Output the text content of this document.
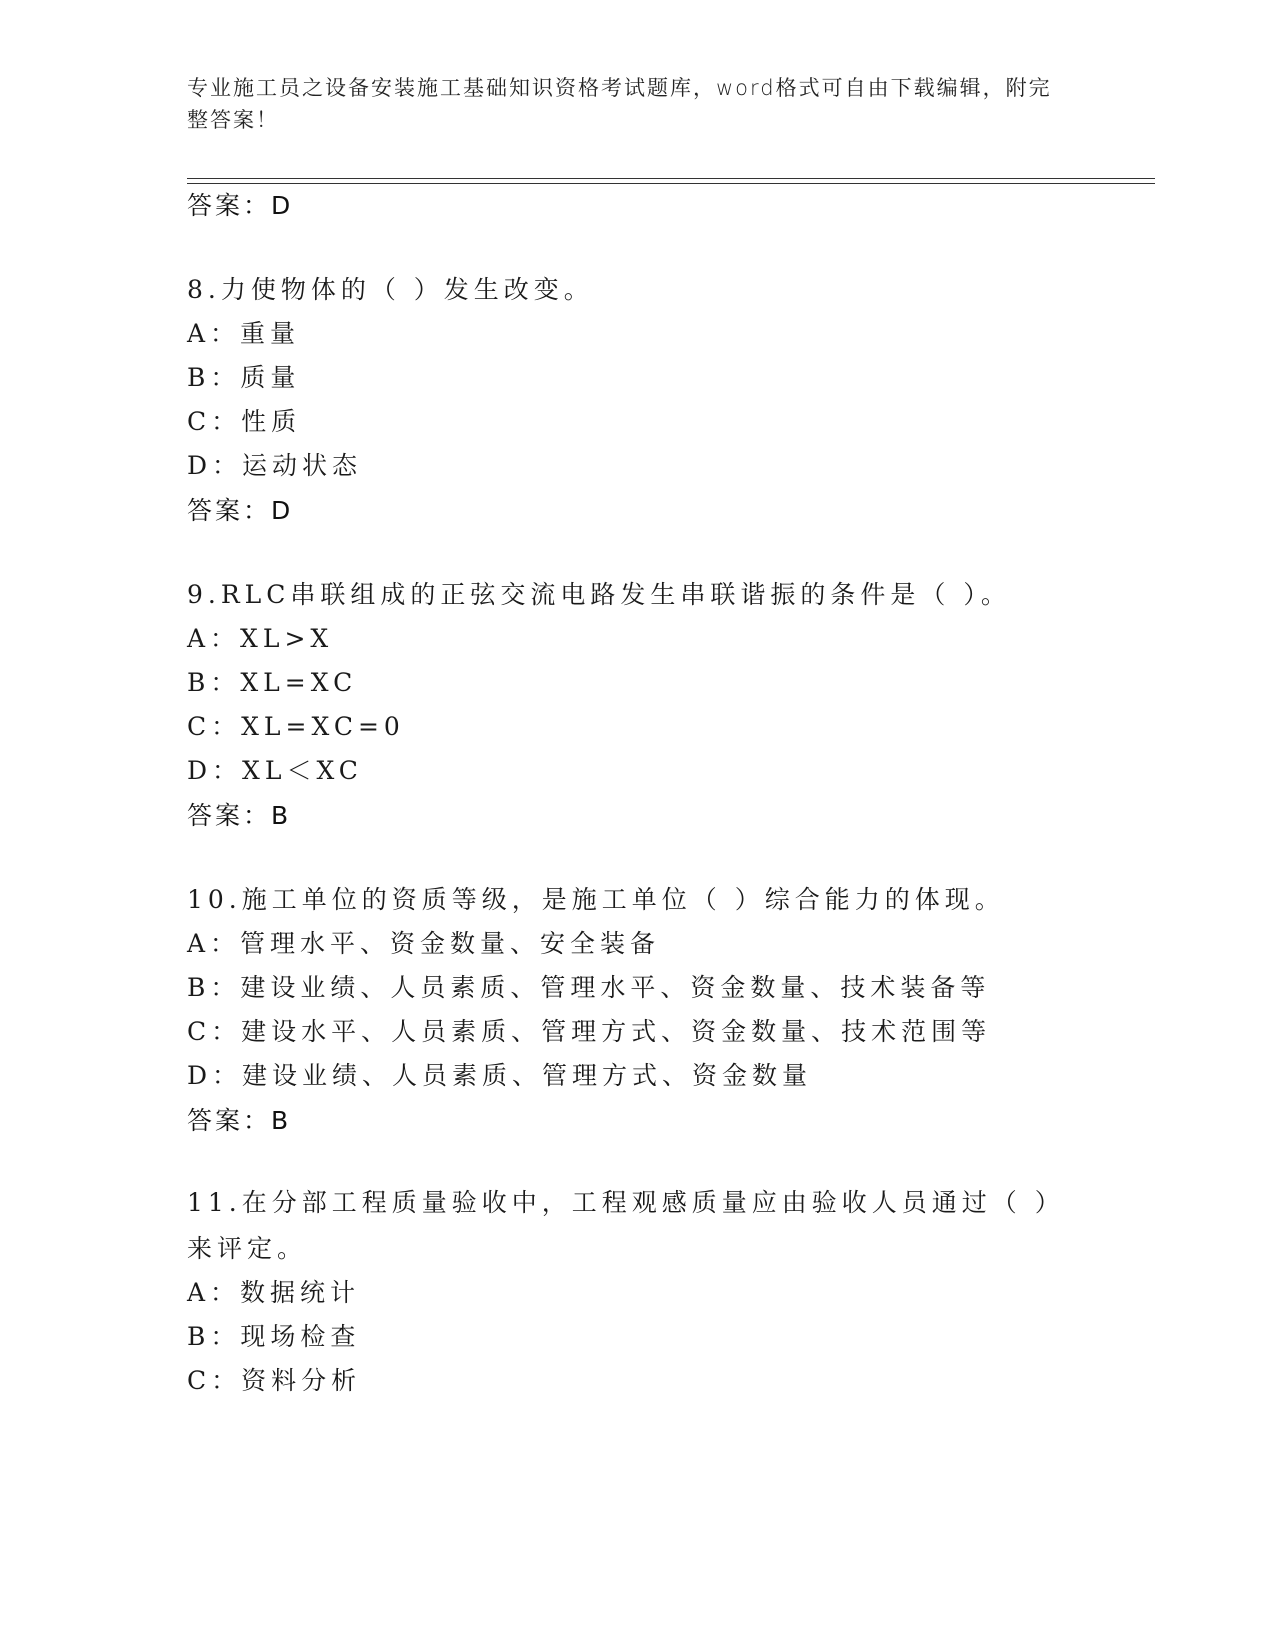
专业施工员之设备安装施工基础知识资格考试题库，word格式可自由下载编辑，附完整答案！
答案：D
8.力使物体的（ ）发生改变。
A：重量
B：质量
C：性质
D：运动状态
答案：D
9.RLC串联组成的正弦交流电路发生串联谐振的条件是（ ）。
A：XL>X
B：XL=XC
C：XL=XC=0
D：XL＜XC
答案：B
10.施工单位的资质等级，是施工单位（ ）综合能力的体现。
A：管理水平、资金数量、安全装备
B：建设业绩、人员素质、管理水平、资金数量、技术装备等
C：建设水平、人员素质、管理方式、资金数量、技术范围等
D：建设业绩、人员素质、管理方式、资金数量
答案：B
11.在分部工程质量验收中，工程观感质量应由验收人员通过（ ）来评定。
A：数据统计
B：现场检查
C：资料分析
